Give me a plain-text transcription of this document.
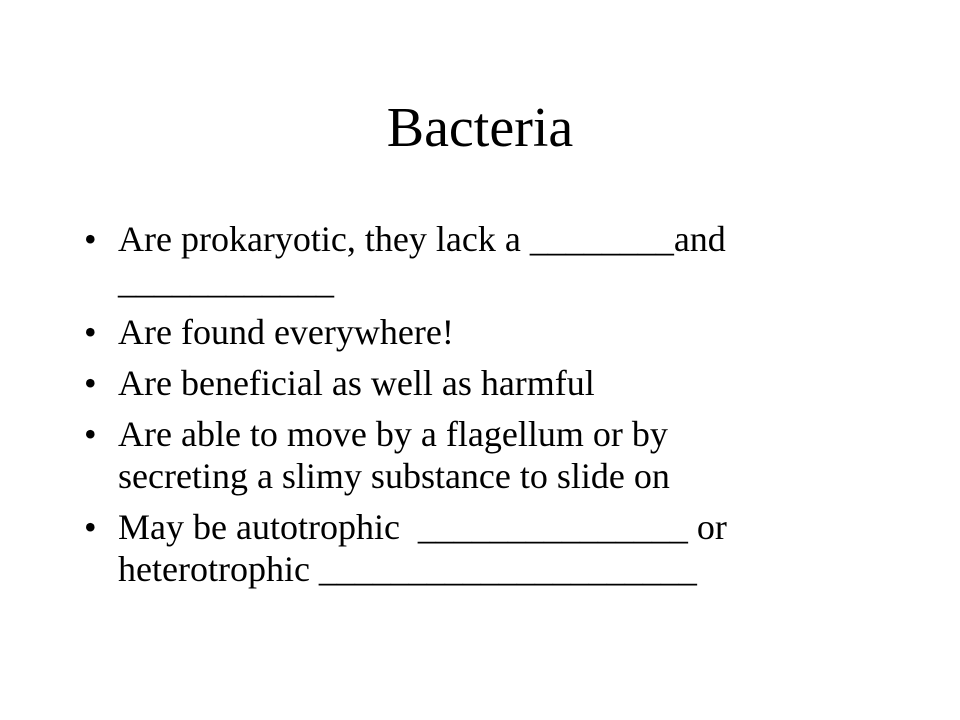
Bacteria
• Are prokaryotic, they lack a ________and
____________
• Are found everywhere!
• Are beneficial as well as harmful
• Are able to move by a flagellum or by
secreting a slimy substance to slide on
• May be autotrophic  _______________ or
heterotrophic _____________________
